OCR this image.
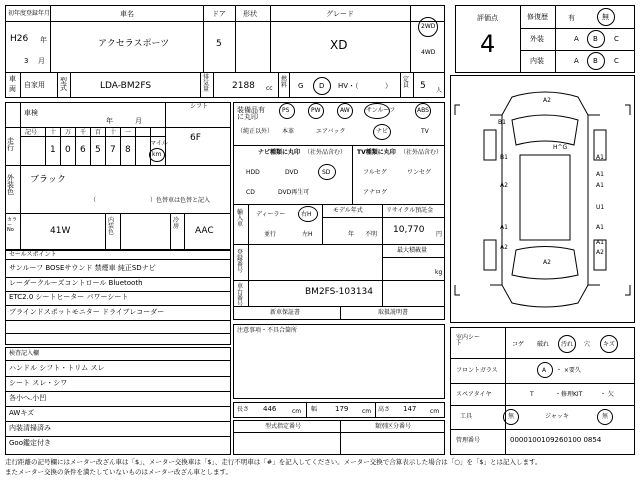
初年度登録年月
H26 年
3 月
車名
アクセラスポーツ
ドア
5
形状	グレード
XD
2WD
4WD
車
両 自家用 型式	LDA-BM2FS
排気量	2188 cc
燃料 G D HV・（	）
定員 5 人
評価点
4
修復歴	有	無
外装	A B C
内装	A B C
シフト
6F
車検
年	月
走行
記号 十 万 千 百 十 一
1 0 6 5 7 8
マイル
km
外装色
ブラック
（　　　　　　　　　）色替車は色替と記入
カラーNo	41W
内装色
冷房 AAC
装備品有に丸印
（純正以外）
PS	PW	AW	サンルーフ	ABS
本革	エアバック	ナビ	TV
ナビ種類に丸印 （社外品含む）
HDD	DVD	SD
CD	DVD再生可
TV種類に丸印 （社外品含む）
フルセグ	ワンセグ
アナログ
輸入車
ディーラー	右H
並行	左H
モデル年式
年 不明
リサイクル預託金
10,770 円
最大積載量
kg
登録番号
車台番号
BM2FS-103134
新車保証書	取扱説明書
注意事項・不具合箇所
長さ 446	cm 幅	179 cm 高さ 147 cm
型式指定番号	類別区分番号
セールスポイント
サンルーフ BOSEサウンド 禁煙車 純正SDナビ
レーダークルーズコントロール Bluetooth
ETC2.0 シートヒーター パワーシート
ブラインドスポットモニター ドライブレコーダー
検査記入欄
ハンドル シフト・トリム スレ
シート スレ・シワ
各小へ.小凹
AWキズ
内装清掃済み
Goo鑑定付き
A2
B1
B1	A1
A1
A2
H^G
A1
A1
A1
A1
U1
A2
A2
A2
室内シート	コゲ 破れ 汚れ 穴 キズ
フロントガラス	A ・ ×要久
スペアタイヤ	T	・修理KIT	・ 欠
工具	無	ジャッキ	無
管理番号	0000100109260100 0854
走行距離の記号欄にはメーター改ざん車は「$」、メーター交換車は「$」、走行不明車は「#」を記入してください。メーター交換で合算表示した場合は「○」を「$」とは記入します。
またメーター交換の条件を満たしていないものはメーター改ざん車とします。
